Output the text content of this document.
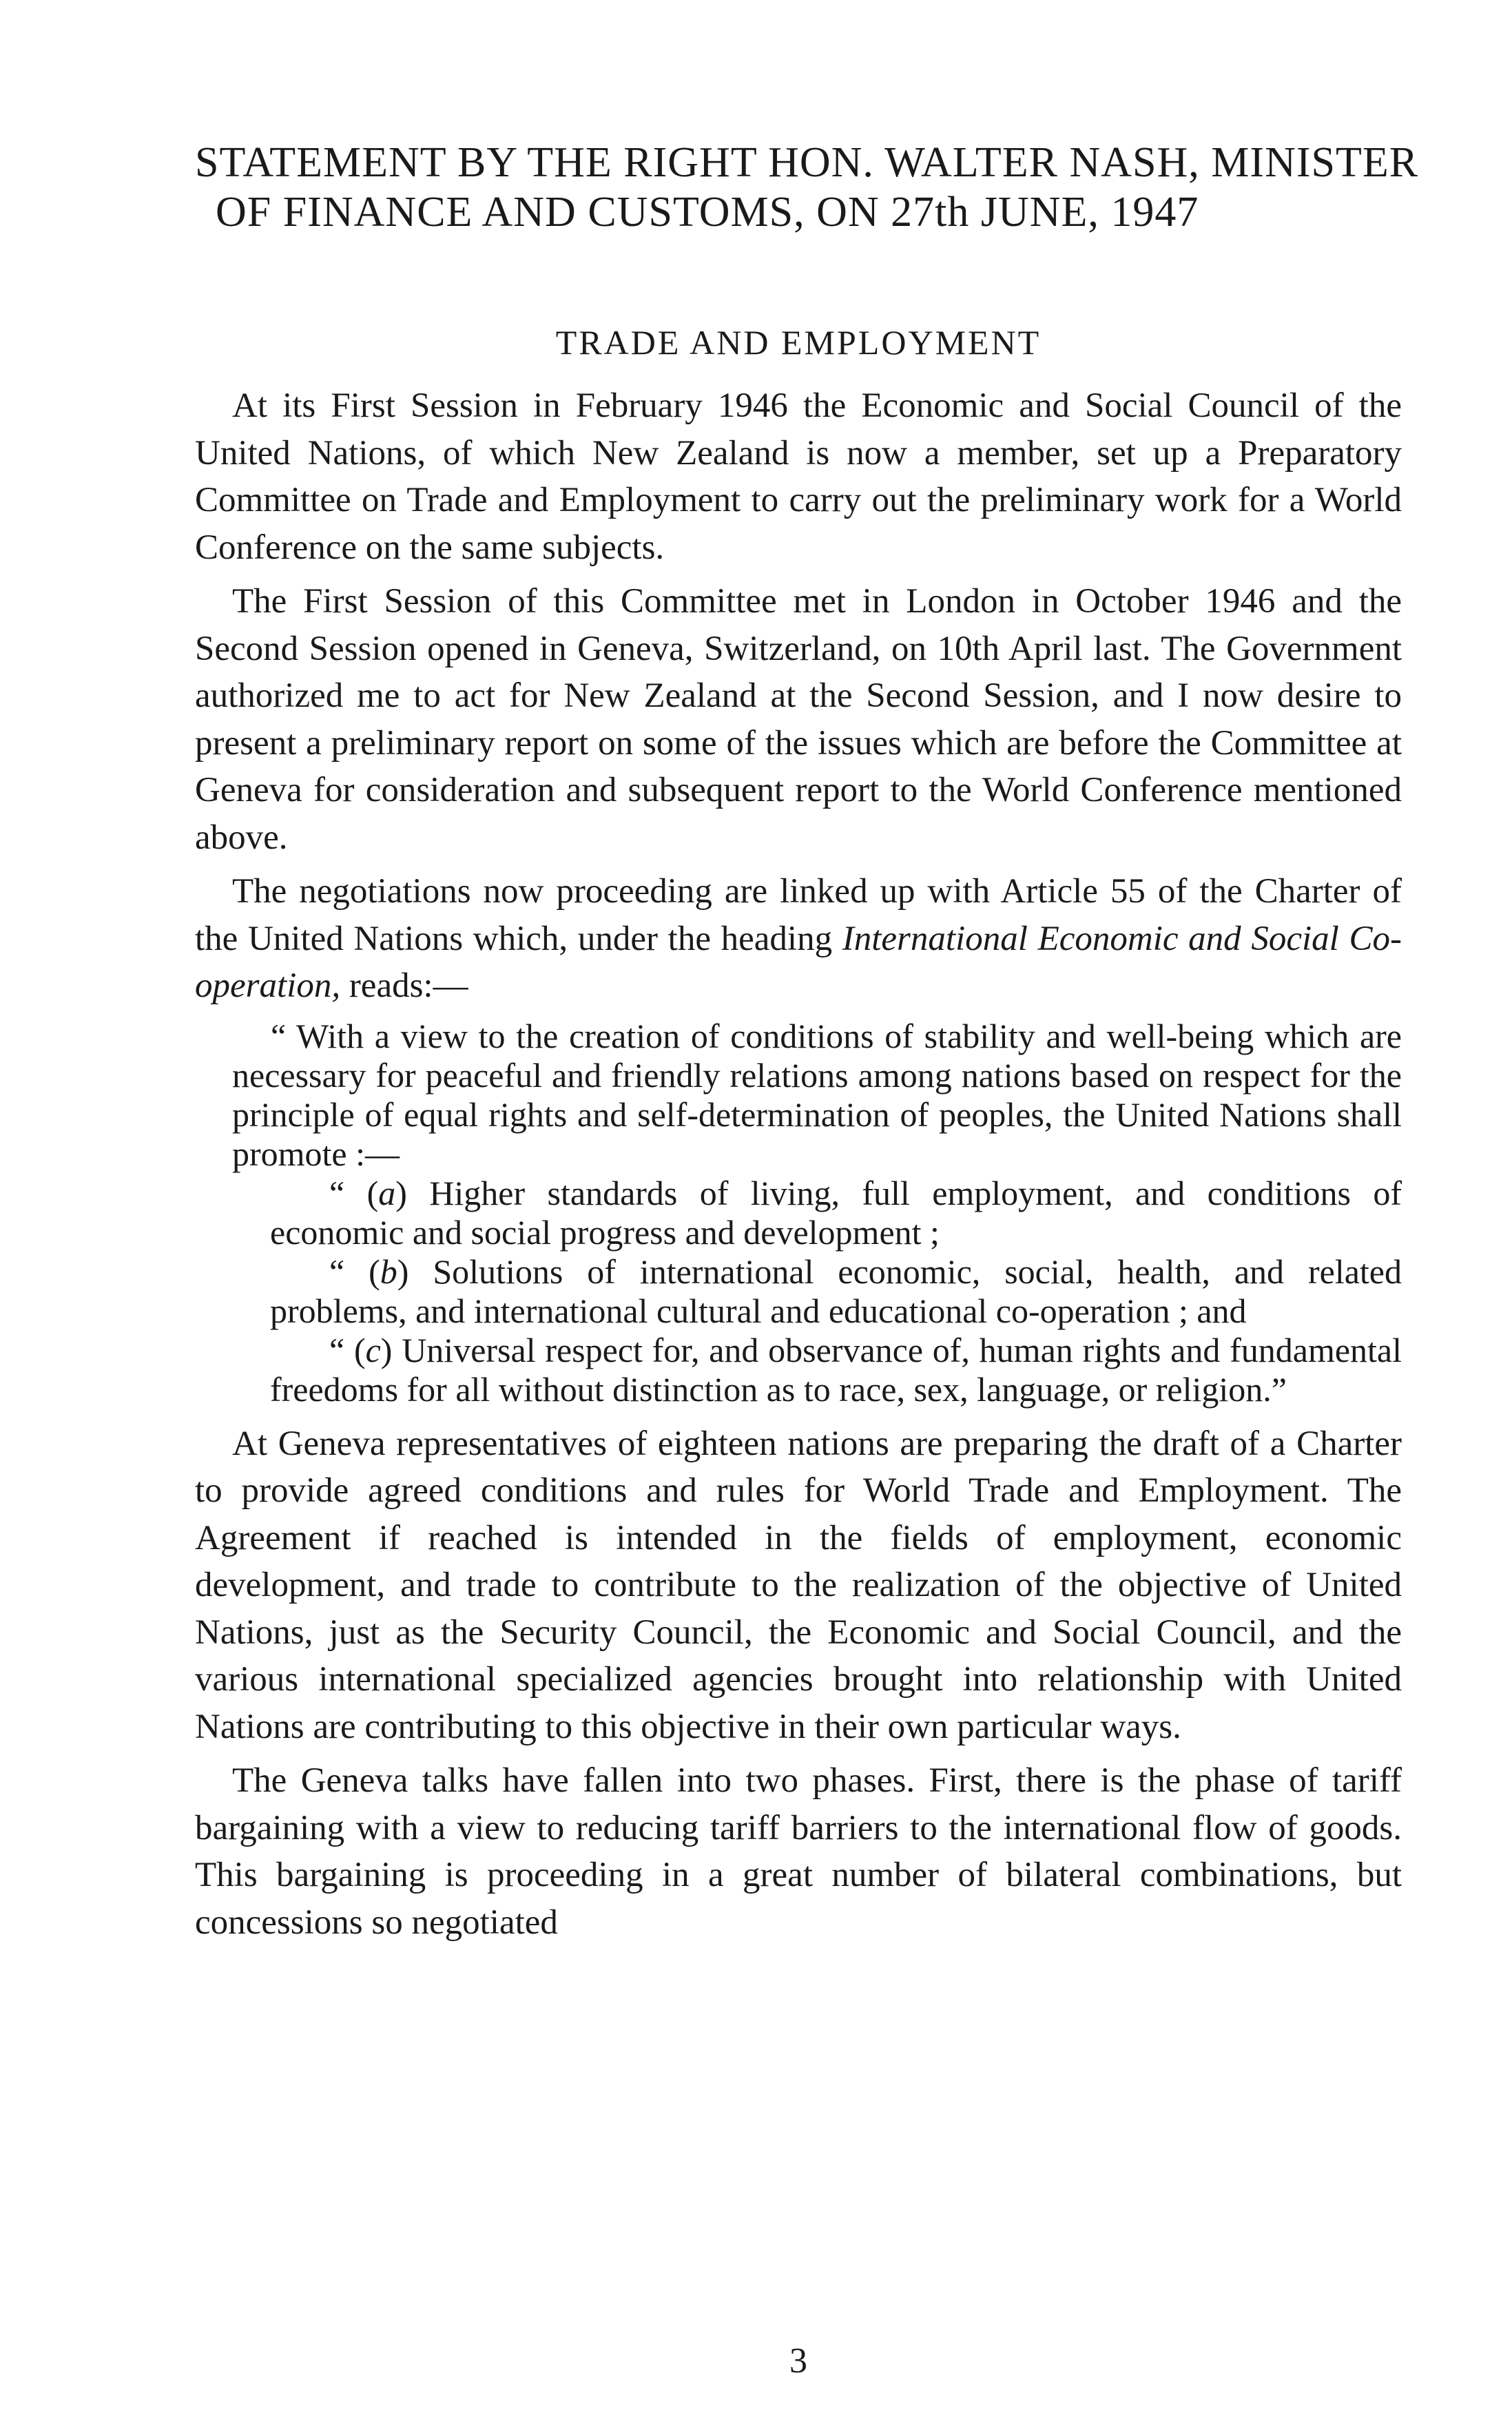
STATEMENT BY THE RIGHT HON. WALTER NASH, MINISTER OF FINANCE AND CUSTOMS, ON 27th JUNE, 1947
TRADE AND EMPLOYMENT

At its First Session in February 1946 the Economic and Social Council of the United Nations, of which New Zealand is now a member, set up a Preparatory Committee on Trade and Employment to carry out the preliminary work for a World Conference on the same subjects.

The First Session of this Committee met in London in October 1946 and the Second Session opened in Geneva, Switzerland, on 10th April last. The Government authorized me to act for New Zealand at the Second Session, and I now desire to present a preliminary report on some of the issues which are before the Committee at Geneva for consideration and subsequent report to the World Conference mentioned above.

The negotiations now proceeding are linked up with Article 55 of the Charter of the United Nations which, under the heading International Economic and Social Co-operation, reads:—

“ With a view to the creation of conditions of stability and well-being which are necessary for peaceful and friendly relations among nations based on respect for the principle of equal rights and self-determination of peoples, the United Nations shall promote :—

“ (a) Higher standards of living, full employment, and conditions of economic and social progress and development ;

“ (b) Solutions of international economic, social, health, and related problems, and international cultural and educational co-operation ; and

“ (c) Universal respect for, and observance of, human rights and fundamental freedoms for all without distinction as to race, sex, language, or religion.”

At Geneva representatives of eighteen nations are preparing the draft of a Charter to provide agreed conditions and rules for World Trade and Employment. The Agreement if reached is intended in the fields of employment, economic development, and trade to contribute to the realization of the objective of United Nations, just as the Security Council, the Economic and Social Council, and the various international specialized agencies brought into relationship with United Nations are contributing to this objective in their own particular ways.

The Geneva talks have fallen into two phases. First, there is the phase of tariff bargaining with a view to reducing tariff barriers to the international flow of goods. This bargaining is proceeding in a great number of bilateral combinations, but concessions so negotiated

3
